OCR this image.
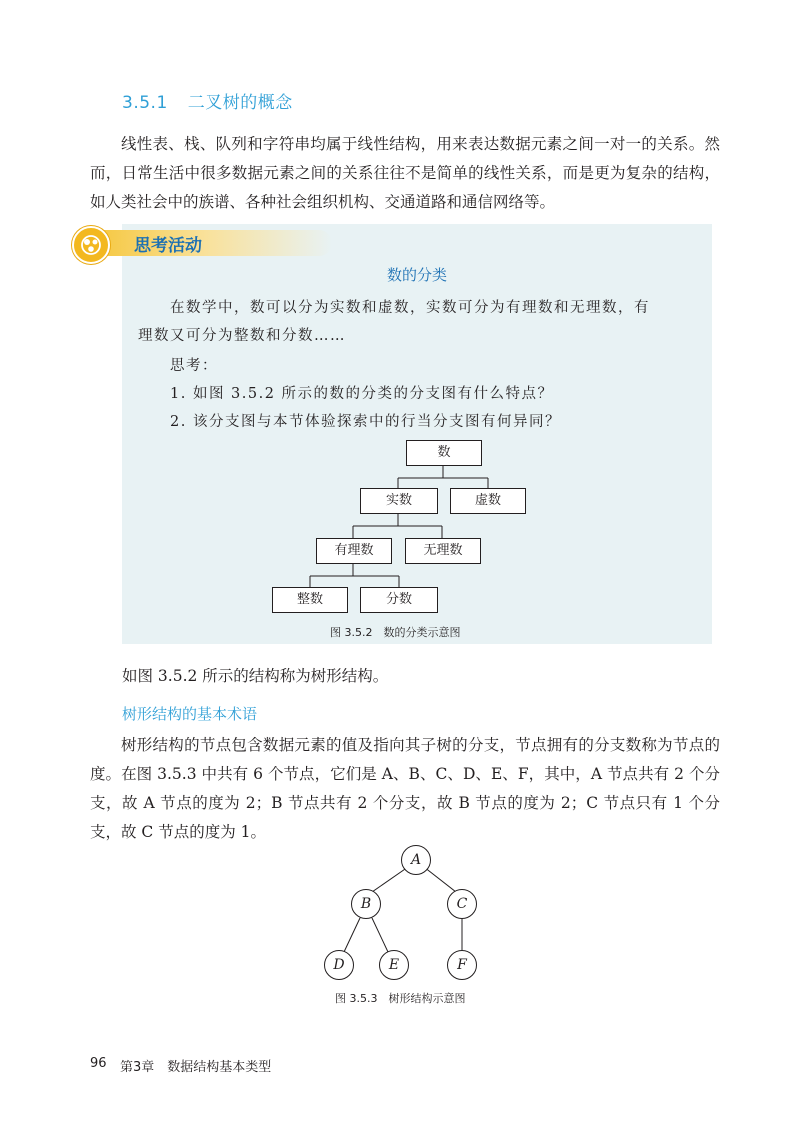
3.5.1 二叉树的概念
线性表、栈、队列和字符串均属于线性结构，用来表达数据元素之间一对一的关系。然而，日常生活中很多数据元素之间的关系往往不是简单的线性关系，而是更为复杂的结构，如人类社会中的族谱、各种社会组织机构、交通道路和通信网络等。
思考活动
数的分类
在数学中，数可以分为实数和虚数，实数可分为有理数和无理数，有
理数又可分为整数和分数……
思考：
1. 如图 3.5.2 所示的数的分类的分支图有什么特点？
2. 该分支图与本节体验探索中的行当分支图有何异同？
数
实数	虚数
有理数	无理数
整数	分数
图 3.5.2　数的分类示意图
如图 3.5.2 所示的结构称为树形结构。
树形结构的基本术语
树形结构的节点包含数据元素的值及指向其子树的分支，节点拥有的分支数称为节点的度。在图 3.5.3 中共有 6 个节点，它们是 A、B、C、D、E、F，其中，A 节点共有 2 个分支，故 A 节点的度为 2；B 节点共有 2 个分支，故 B 节点的度为 2；C 节点只有 1 个分支，故 C 节点的度为 1。
A
B	C
D	E	F
图 3.5.3　树形结构示意图
96 第3章　数据结构基本类型
